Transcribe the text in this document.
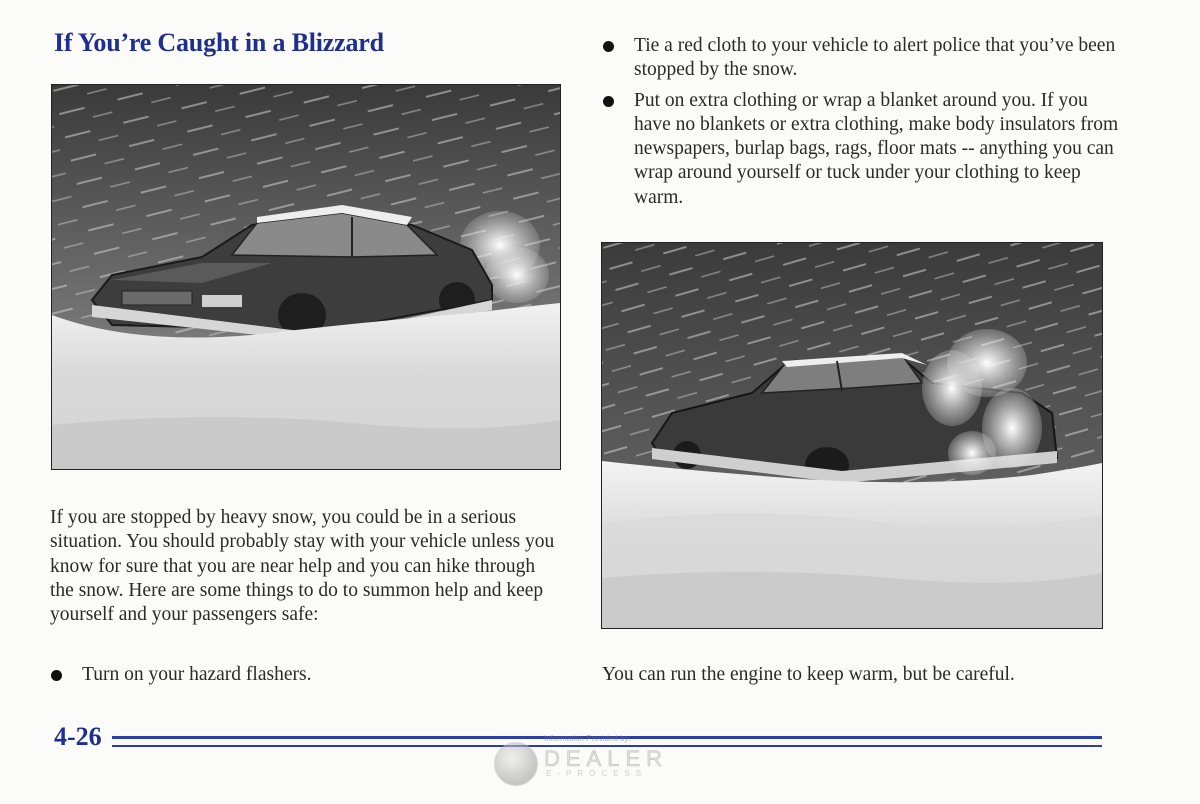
If You’re Caught in a Blizzard

If you are stopped by heavy snow, you could be in a serious situation. You should probably stay with your vehicle unless you know for sure that you are near help and you can hike through the snow. Here are some things to do to summon help and keep yourself and your passengers safe:

Turn on your hazard flashers.
Tie a red cloth to your vehicle to alert police that you’ve been stopped by the snow.
Put on extra clothing or wrap a blanket around you. If you have no blankets or extra clothing, make body insulators from newspapers, burlap bags, rags, floor mats -- anything you can wrap around yourself or tuck under your clothing to keep warm.

You can run the engine to keep warm, but be careful.

4-26	Information Provided by:
DEALER
E-PROCESS
